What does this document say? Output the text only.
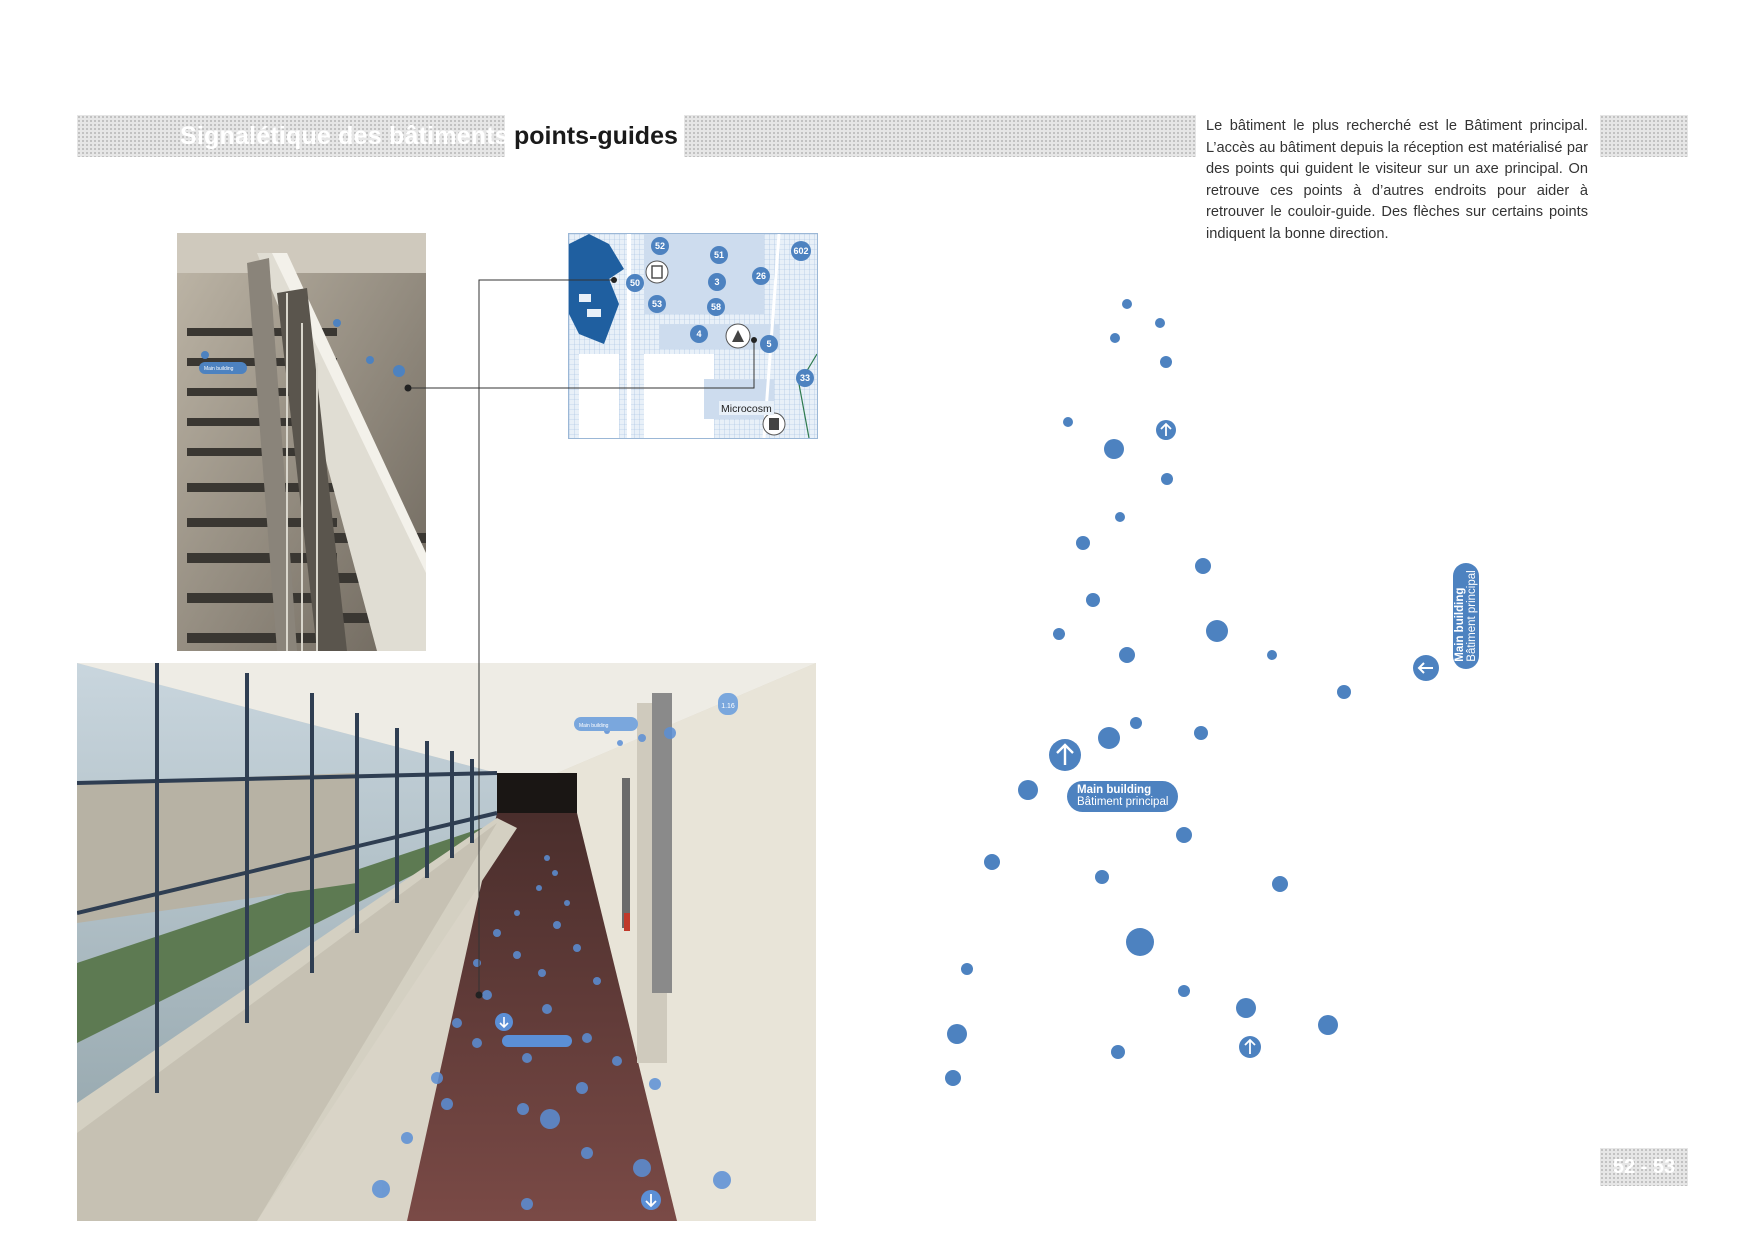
Signalétique des bâtiments points-guides	Le bâtiment le plus recherché est le Bâtiment principal. L’accès au bâtiment depuis la réception est matérialisé par des points qui guident le visiteur sur un axe principal. On retrouve ces points à d’autres endroits pour aider à retrouver le couloir-guide. Des flèches sur certains points indiquent la bonne direction.
Main building
52
51	602
50	3
26
53	58
4
5
33
Microcosm
Main building
1.16
Main building
Bâtiment principal
Main building Bâtiment principal
52 - 53
